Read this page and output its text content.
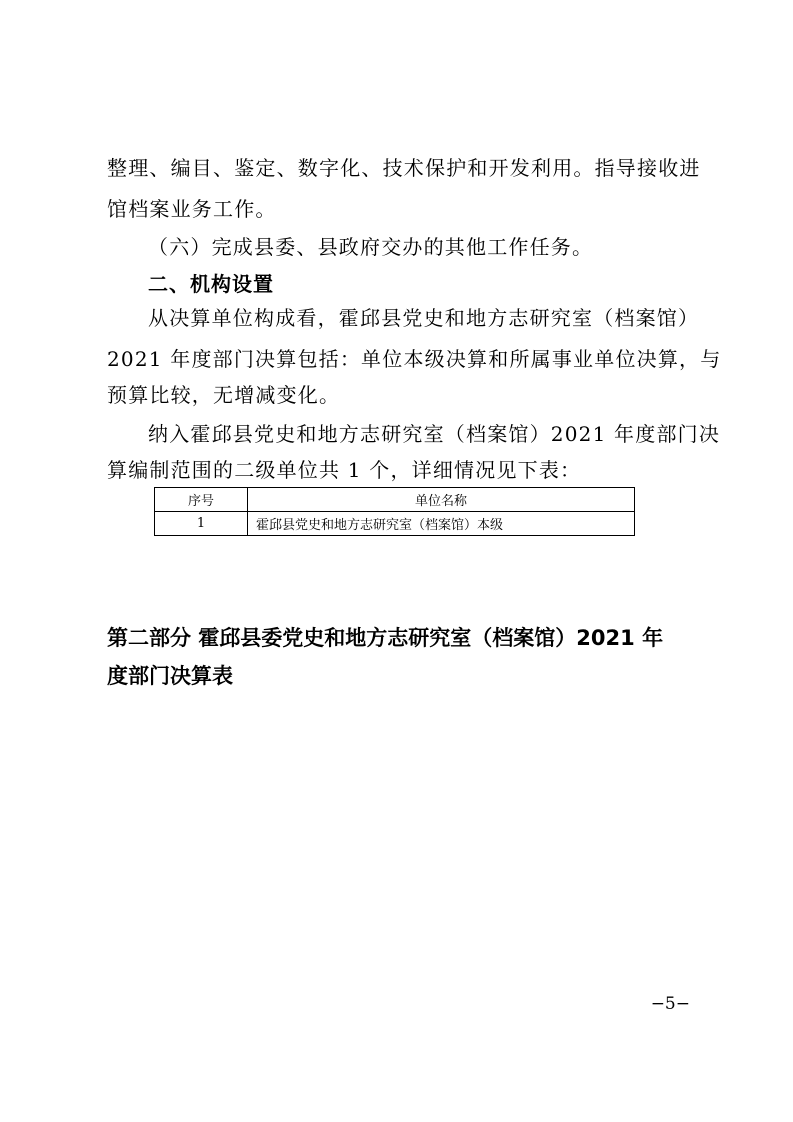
整理、编目、鉴定、数字化、技术保护和开发利用。指导接收进
馆档案业务工作。
（六）完成县委、县政府交办的其他工作任务。
二、机构设置
从决算单位构成看，霍邱县党史和地方志研究室（档案馆）
2021 年度部门决算包括：单位本级决算和所属事业单位决算，与
预算比较，无增减变化。
纳入霍邱县党史和地方志研究室（档案馆）2021 年度部门决
算编制范围的二级单位共 1 个，详细情况见下表：
序号	单位名称
1	霍邱县党史和地方志研究室（档案馆）本级
第二部分 霍邱县委党史和地方志研究室（档案馆）2021 年
度部门决算表
−5−
